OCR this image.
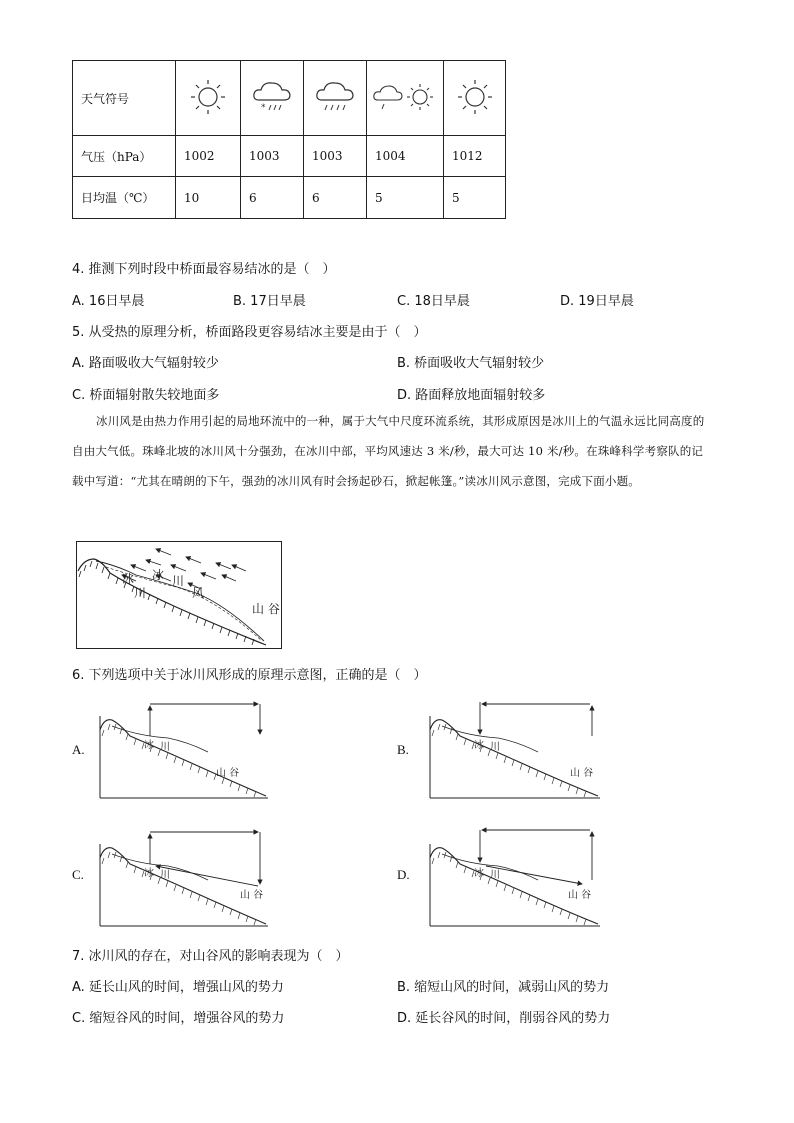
天气符号		*

气压（hPa）	1002	1003	1003	1004	1012
日均温（℃）	10	6	6	5	5
4. 推测下列时段中桥面最容易结冰的是（　）
A. 16日早晨	B. 17日早晨	C. 18日早晨	D. 19日早晨
5. 从受热的原理分析，桥面路段更容易结冰主要是由于（　）
A. 路面吸收大气辐射较少	B. 桥面吸收大气辐射较少
C. 桥面辐射散失较地面多	D. 路面释放地面辐射较多
冰川风是由热力作用引起的局地环流中的一种，属于大气中尺度环流系统，其形成原因是冰川上的气温永远比同高度的自由大气低。珠峰北坡的冰川风十分强劲，在冰川中部，平均风速达 3 米/秒，最大可达 10 米/秒。在珠峰科学考察队的记载中写道：“尤其在晴朗的下午，强劲的冰川风有时会扬起砂石，掀起帐篷。”读冰川风示意图，完成下面小题。
冰
川
冰 川
风
山 谷
6. 下列选项中关于冰川风形成的原理示意图，正确的是（　）
A.	冰 川
山 谷
B.	冰 川
山 谷
C.	冰 川
山 谷
D.	冰 川
山 谷
7. 冰川风的存在，对山谷风的影响表现为（　）
A. 延长山风的时间，增强山风的势力	B. 缩短山风的时间，减弱山风的势力
C. 缩短谷风的时间，增强谷风的势力	D. 延长谷风的时间，削弱谷风的势力
